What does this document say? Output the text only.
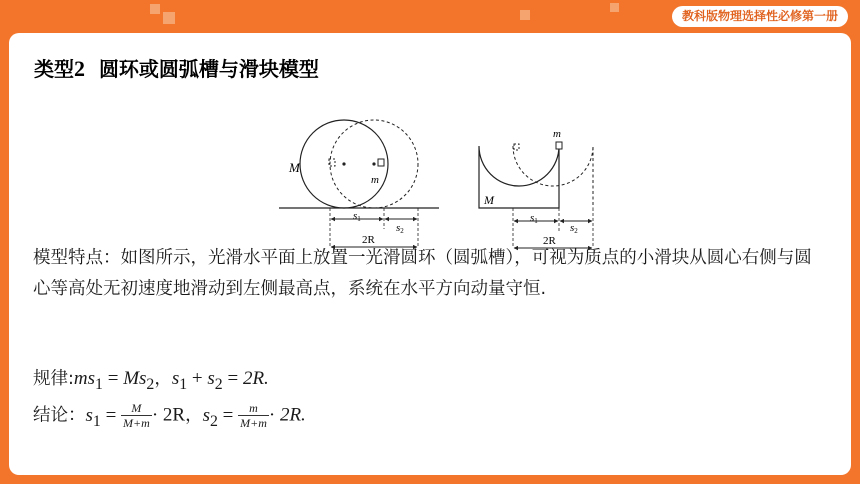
教科版物理选择性必修第一册
类型2 圆环或圆弧槽与滑块模型
M
m
s1
s2
2R
M
m
s1
s2
2R

模型特点：如图所示，光滑水平面上放置一光滑圆环（圆弧槽），可视为质点的小滑块从圆心右侧与圆心等高处无初速度地滑动到左侧最高点，系统在水平方向动量守恒.

规律$:ms_1 = Ms_2$，$s_1 + s_2 = 2R$.
结论：$s_1 = \frac{M}{M+m} \cdot 2R$，$s_2 = \frac{m}{M+m} \cdot 2R$.
